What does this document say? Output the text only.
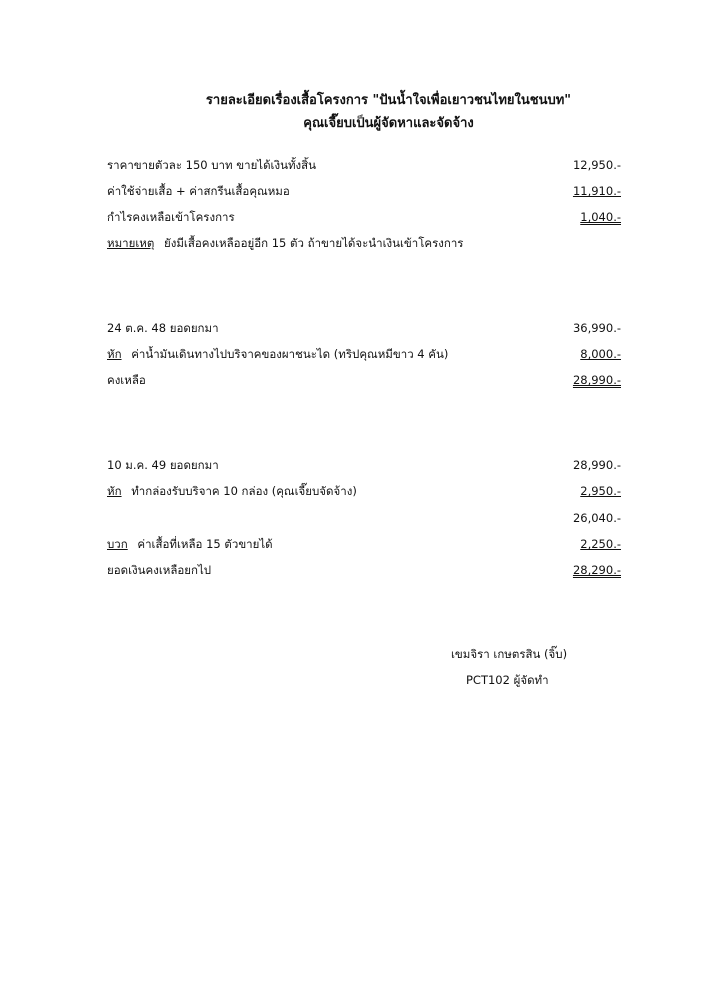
รายละเอียดเรื่องเสื้อโครงการ "ปันน้ำใจเพื่อเยาวชนไทยในชนบท"
คุณเจี๊ยบเป็นผู้จัดหาและจัดจ้าง
ราคาขายตัวละ 150 บาท ขายได้เงินทั้งสิ้น	12,950.-
ค่าใช้จ่ายเสื้อ + ค่าสกรีนเสื้อคุณหมอ	11,910.-
กำไรคงเหลือเข้าโครงการ	1,040.-
หมายเหตุ ยังมีเสื้อคงเหลืออยู่อีก 15 ตัว ถ้าขายได้จะนำเงินเข้าโครงการ
24 ต.ค. 48 ยอดยกมา	36,990.-
หัก ค่าน้ำมันเดินทางไปบริจาคของผาชนะได (ทริปคุณหมีขาว 4 คัน)	8,000.-
คงเหลือ	28,990.-
10 ม.ค. 49 ยอดยกมา	28,990.-
หัก ทำกล่องรับบริจาค 10 กล่อง (คุณเจี๊ยบจัดจ้าง)	2,950.-
26,040.-
บวก ค่าเสื้อที่เหลือ 15 ตัวขายได้	2,250.-
ยอดเงินคงเหลือยกไป	28,290.-
เขมจิรา เกษตรสิน (จิ๊บ)
PCT102 ผู้จัดทำ
